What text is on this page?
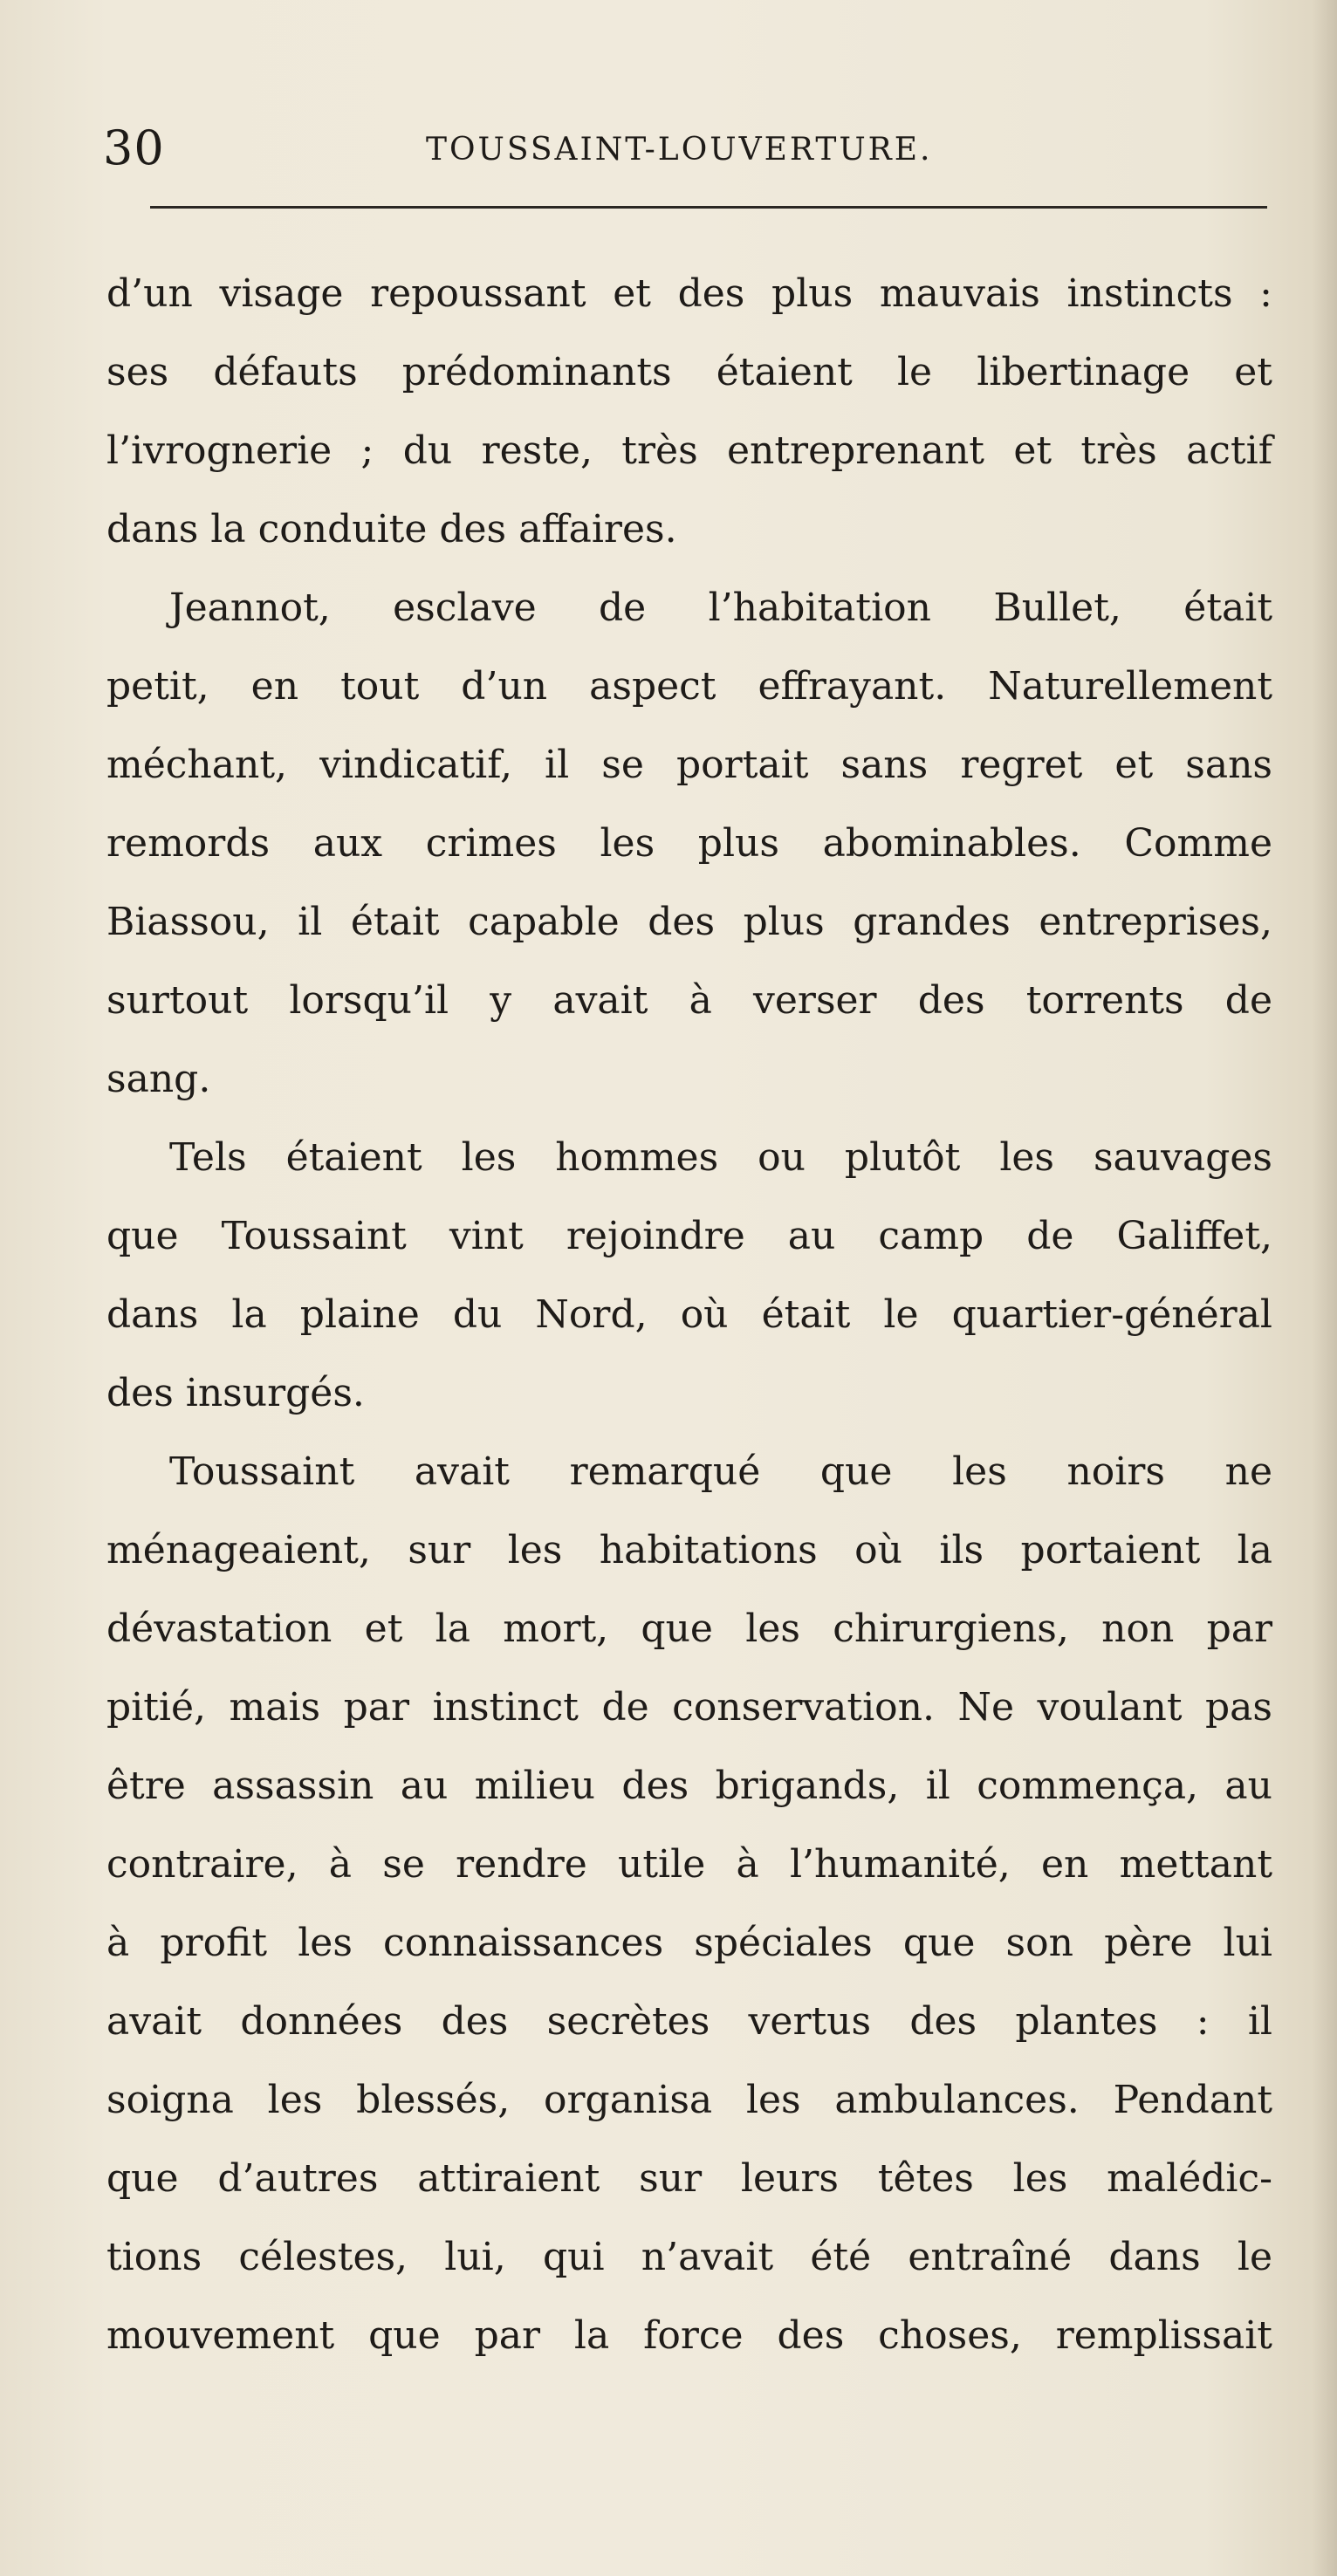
30	TOUSSAINT-LOUVERTURE.
d’un visage repoussant et des plus mauvais instincts :
ses défauts prédominants étaient le libertinage et
l’ivrognerie ; du reste, très entreprenant et très actif
dans la conduite des affaires.
Jeannot, esclave de l’habitation Bullet, était
petit, en tout d’un aspect effrayant. Naturellement
méchant, vindicatif, il se portait sans regret et sans
remords aux crimes les plus abominables. Comme
Biassou, il était capable des plus grandes entreprises,
surtout lorsqu’il y avait à verser des torrents de
sang.
Tels étaient les hommes ou plutôt les sauvages
que Toussaint vint rejoindre au camp de Galiffet,
dans la plaine du Nord, où était le quartier-général
des insurgés.
Toussaint avait remarqué que les noirs ne
ménageaient, sur les habitations où ils portaient la
dévastation et la mort, que les chirurgiens, non par
pitié, mais par instinct de conservation. Ne voulant pas
être assassin au milieu des brigands, il commença, au
contraire, à se rendre utile à l’humanité, en mettant
à profit les connaissances spéciales que son père lui
avait données des secrètes vertus des plantes : il
soigna les blessés, organisa les ambulances. Pendant
que d’autres attiraient sur leurs têtes les malédic-
tions célestes, lui, qui n’avait été entraîné dans le
mouvement que par la force des choses, remplissait
